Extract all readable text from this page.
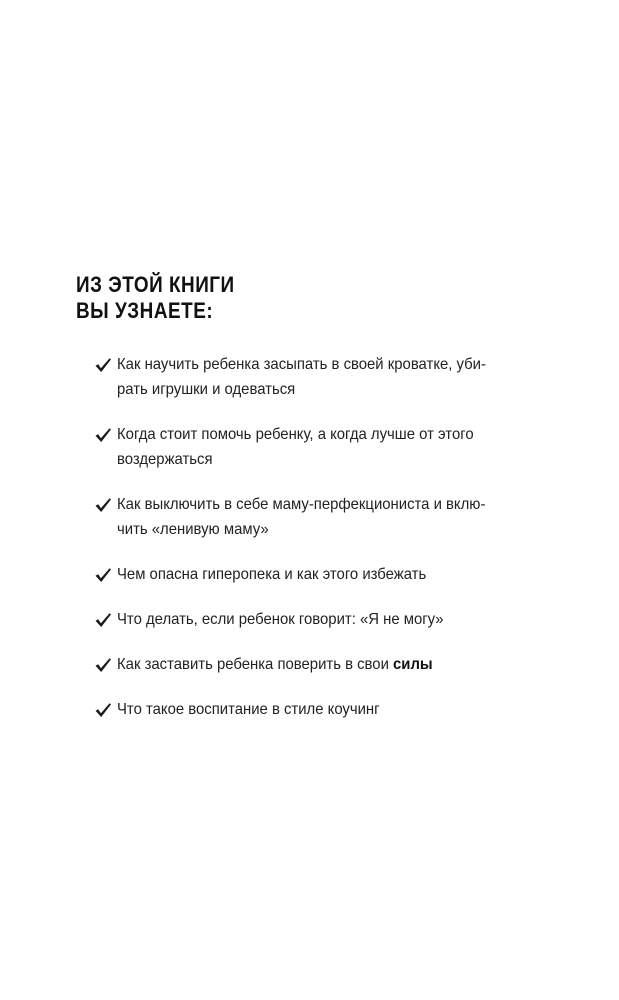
ИЗ ЭТОЙ КНИГИ
ВЫ УЗНАЕТЕ:
Как научить ребенка засыпать в своей кроватке, уби-
рать игрушки и одеваться
Когда стоит помочь ребенку, а когда лучше от этого
воздержаться
Как выключить в себе маму-перфекциониста и вклю-
чить «ленивую маму»
Чем опасна гиперопека и как этого избежать
Что делать, если ребенок говорит: «Я не могу»
Как заставить ребенка поверить в свои силы
Что такое воспитание в стиле коучинг
